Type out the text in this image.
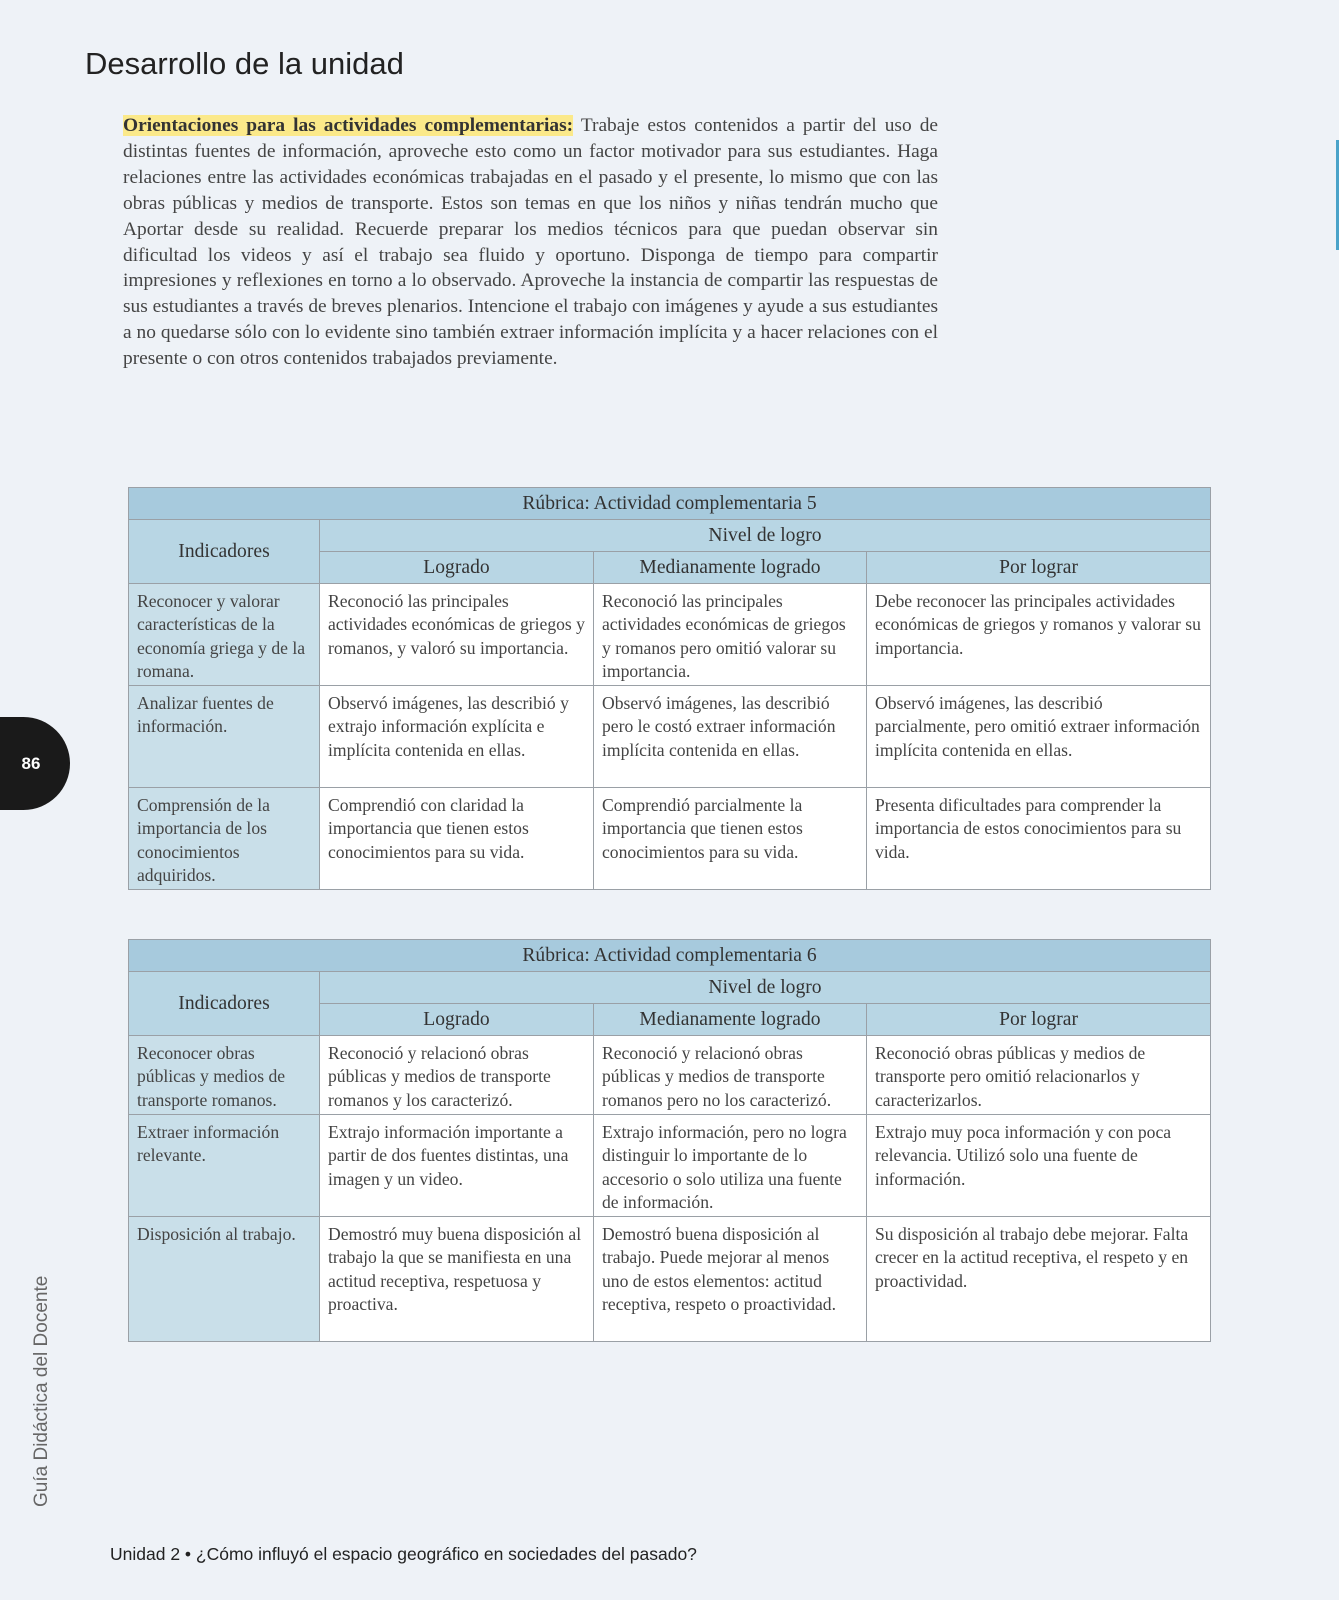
Desarrollo de la unidad

Orientaciones para las actividades complementarias: Trabaje estos contenidos a partir del uso de distintas fuentes de información, aproveche esto como un factor motivador para sus estudiantes. Haga relaciones entre las actividades económicas trabajadas en el pasado y el presente, lo mismo que con las obras públicas y medios de transporte. Estos son temas en que los niños y niñas tendrán mucho que Aportar desde su realidad. Recuerde preparar los medios técnicos para que puedan observar sin dificultad los videos y así el trabajo sea fluido y oportuno. Disponga de tiempo para compartir impresiones y reflexiones en torno a lo observado. Aproveche la instancia de compartir las respuestas de sus estudiantes a través de breves plenarios. Intencione el trabajo con imágenes y ayude a sus estudiantes a no quedarse sólo con lo evidente sino también extraer información implícita y a hacer relaciones con el presente o con otros contenidos trabajados previamente.

Rúbrica: Actividad complementaria 5			
Indicadores	Nivel de logro		
	Logrado	Medianamente logrado	Por lograr
Reconocer y valorar características de la economía griega y de la romana.	Reconoció las principales actividades económicas de griegos y romanos, y valoró su importancia.	Reconoció las principales actividades económicas de griegos y romanos pero omitió valorar su importancia.	Debe reconocer las principales actividades económicas de griegos y romanos y valorar su importancia.
Analizar fuentes de información.	Observó imágenes, las describió y extrajo información explícita e implícita contenida en ellas.	Observó imágenes, las describió pero le costó extraer información implícita contenida en ellas.	Observó imágenes, las describió parcialmente, pero omitió extraer información implícita contenida en ellas.
Comprensión de la importancia de los conocimientos adquiridos.	Comprendió con claridad la importancia que tienen estos conocimientos para su vida.	Comprendió parcialmente la importancia que tienen estos conocimientos para su vida.	Presenta dificultades para comprender la importancia de estos conocimientos para su vida.
Rúbrica: Actividad complementaria 6			
Indicadores	Nivel de logro		
	Logrado	Medianamente logrado	Por lograr
Reconocer obras públicas y medios de transporte romanos.	Reconoció y relacionó obras públicas y medios de transporte romanos y los caracterizó.	Reconoció y relacionó obras públicas y medios de transporte romanos pero no los caracterizó.	Reconoció obras públicas y medios de transporte pero omitió relacionarlos y caracterizarlos.
Extraer información relevante.	Extrajo información importante a partir de dos fuentes distintas, una imagen y un video.	Extrajo información, pero no logra distinguir lo importante de lo accesorio o solo utiliza una fuente de información.	Extrajo muy poca información y con poca relevancia. Utilizó solo una fuente de información.
Disposición al trabajo.	Demostró muy buena disposición al trabajo la que se manifiesta en una actitud receptiva, respetuosa y proactiva.	Demostró buena disposición al trabajo. Puede mejorar al menos uno de estos elementos: actitud receptiva, respeto o proactividad.	Su disposición al trabajo debe mejorar. Falta crecer en la actitud receptiva, el respeto y en proactividad.
86
Guía Didáctica del Docente
Unidad 2 • ¿Cómo influyó el espacio geográfico en sociedades del pasado?
